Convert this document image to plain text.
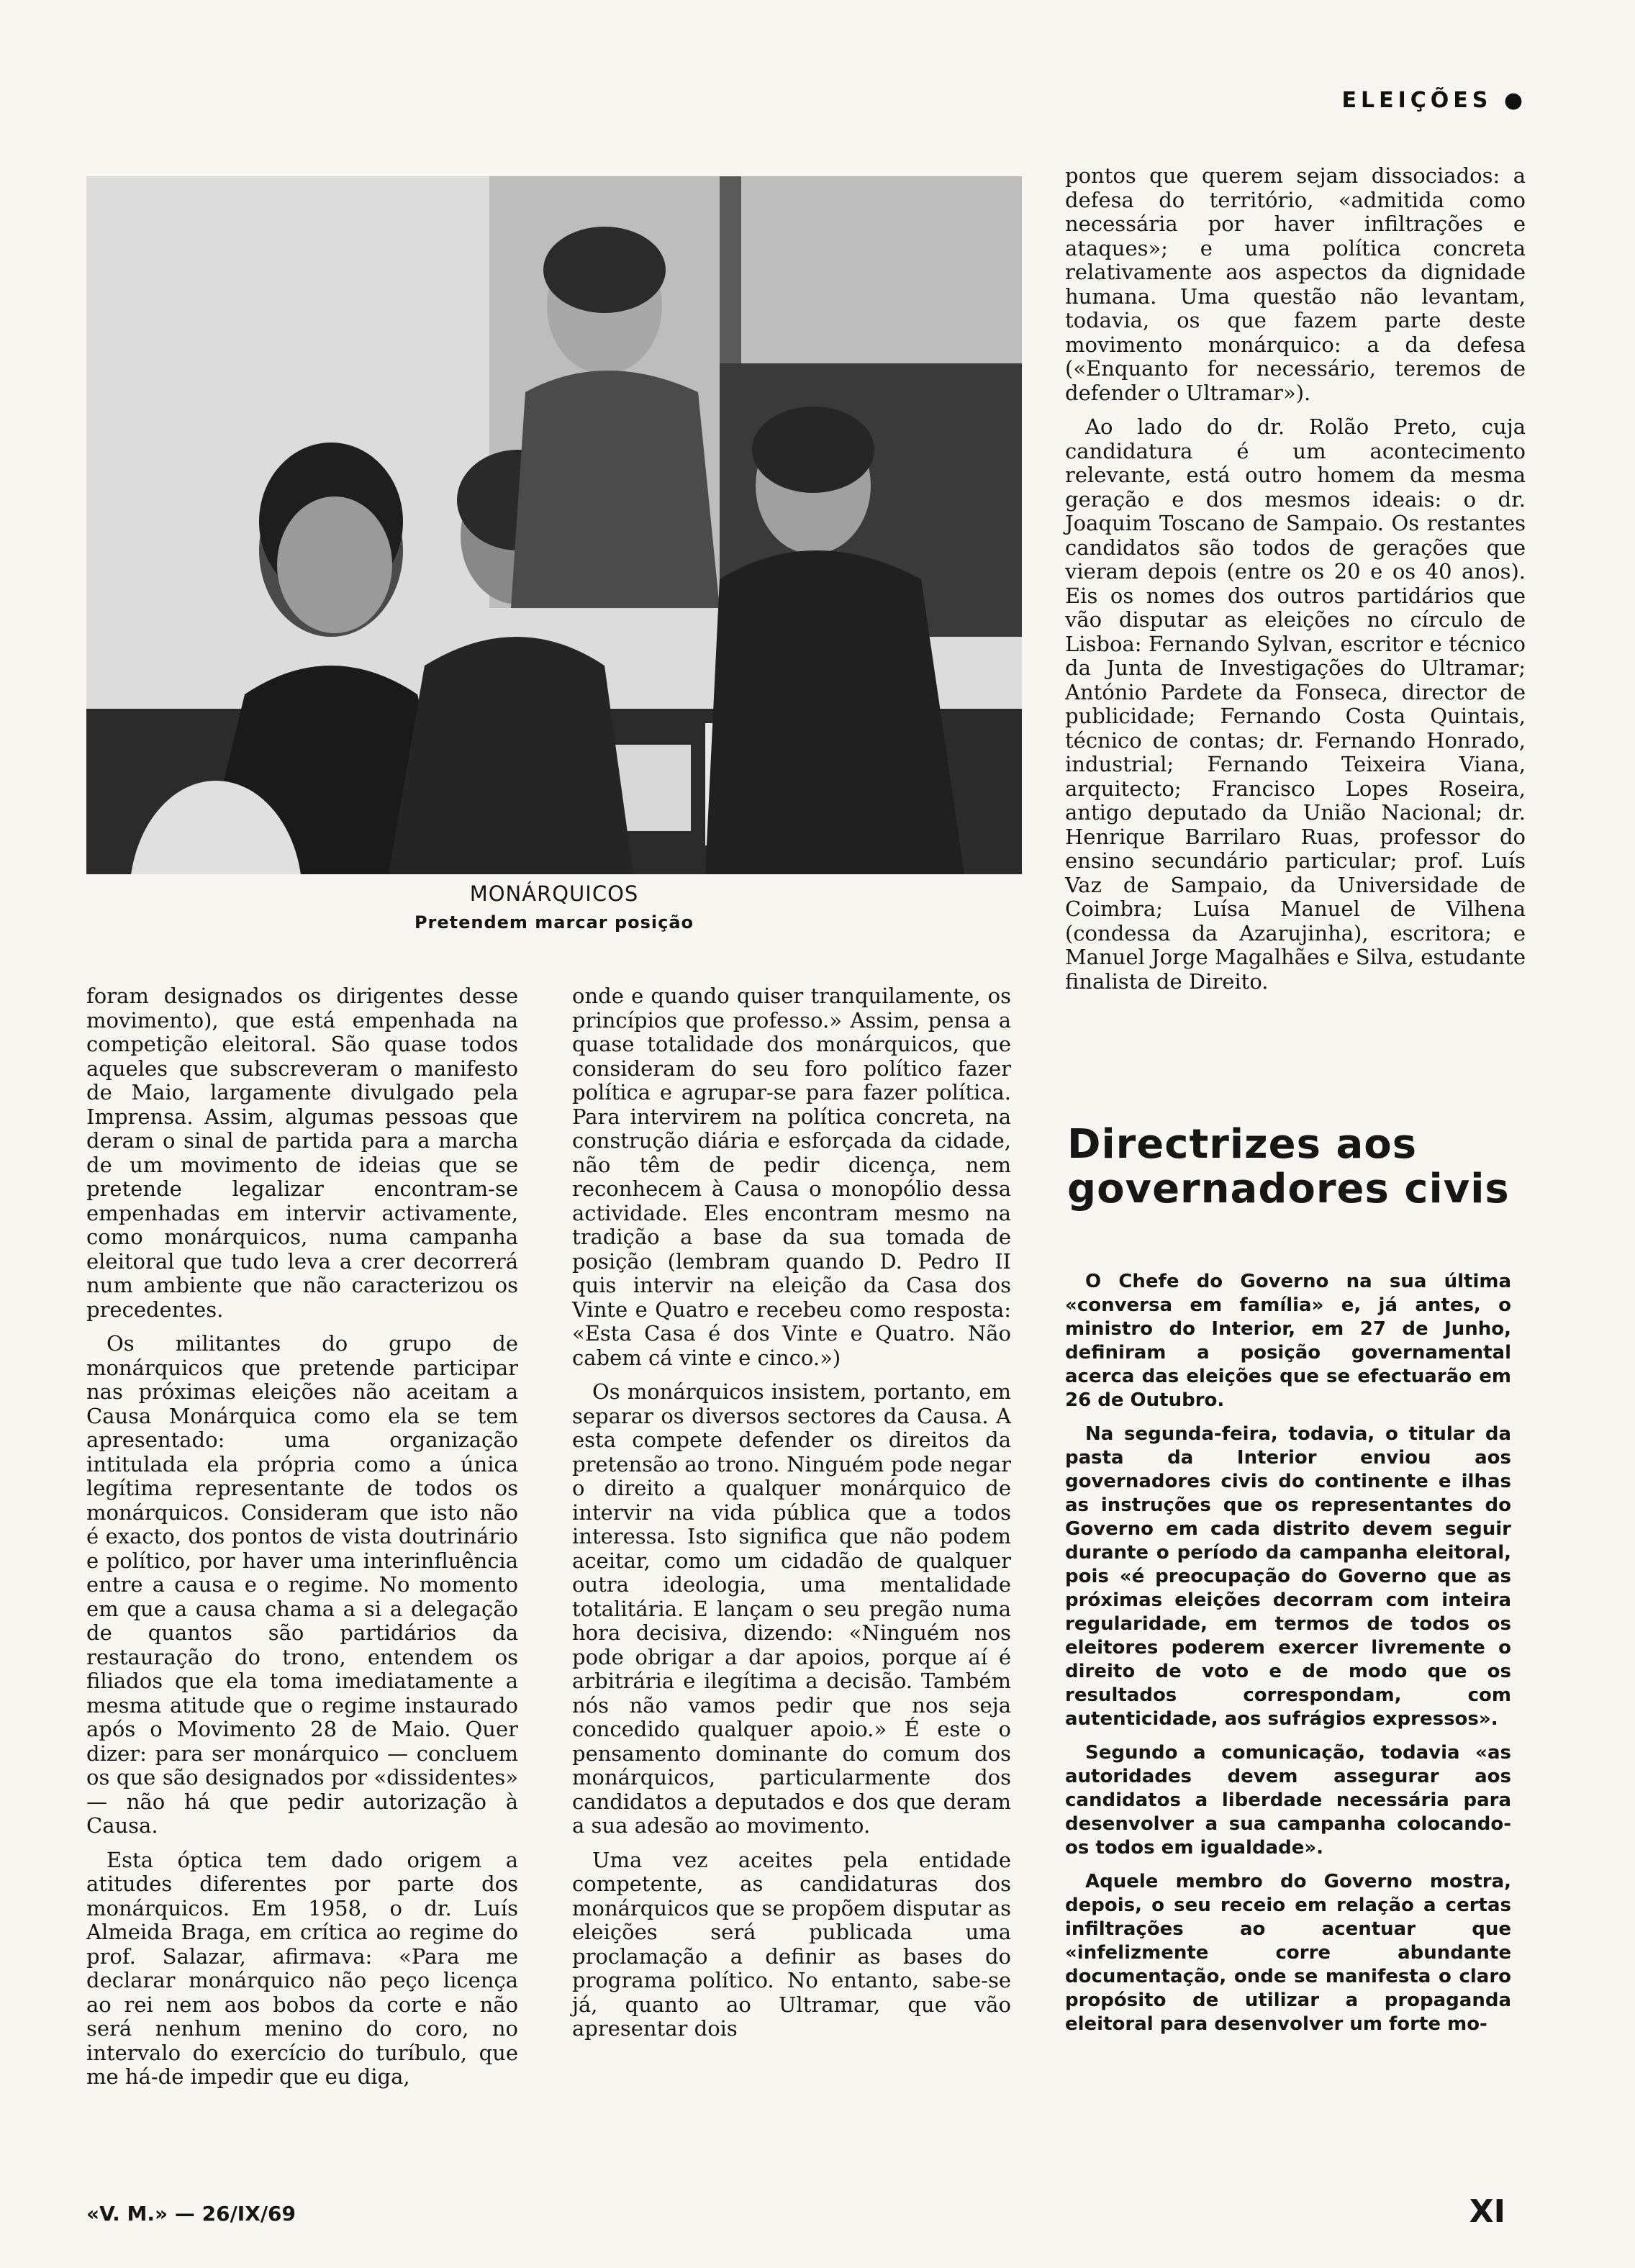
ELEIÇÕES ●
MONÁRQUICOS
Pretendem marcar posição

foram designados os dirigentes desse movimento), que está empenhada na competição eleitoral. São quase todos aqueles que subscreveram o manifesto de Maio, largamente divulgado pela Imprensa. Assim, algumas pessoas que deram o sinal de partida para a marcha de um movimento de ideias que se pretende legalizar encontram-se empenhadas em intervir activamente, como monárquicos, numa campanha eleitoral que tudo leva a crer decorrerá num ambiente que não caracterizou os precedentes.

Os militantes do grupo de monárquicos que pretende participar nas próximas eleições não aceitam a Causa Monárquica como ela se tem apresentado: uma organização intitulada ela própria como a única legítima representante de todos os monárquicos. Consideram que isto não é exacto, dos pontos de vista doutrinário e político, por haver uma interinfluência entre a causa e o regime. No momento em que a causa chama a si a delegação de quantos são partidários da restauração do trono, entendem os filiados que ela toma imediatamente a mesma atitude que o regime instaurado após o Movimento 28 de Maio. Quer dizer: para ser monárquico — concluem os que são designados por «dissidentes» — não há que pedir autorização à Causa.

Esta óptica tem dado origem a atitudes diferentes por parte dos monárquicos. Em 1958, o dr. Luís Almeida Braga, em crítica ao regime do prof. Salazar, afirmava: «Para me declarar monárquico não peço licença ao rei nem aos bobos da corte e não será nenhum menino do coro, no intervalo do exercício do turíbulo, que me há-de impedir que eu diga,

onde e quando quiser tranquilamente, os princípios que professo.» Assim, pensa a quase totalidade dos monárquicos, que consideram do seu foro político fazer política e agrupar-se para fazer política. Para intervirem na política concreta, na construção diária e esforçada da cidade, não têm de pedir dicença, nem reconhecem à Causa o monopólio dessa actividade. Eles encontram mesmo na tradição a base da sua tomada de posição (lembram quando D. Pedro II quis intervir na eleição da Casa dos Vinte e Quatro e recebeu como resposta: «Esta Casa é dos Vinte e Quatro. Não cabem cá vinte e cinco.»)

Os monárquicos insistem, portanto, em separar os diversos sectores da Causa. A esta compete defender os direitos da pretensão ao trono. Ninguém pode negar o direito a qualquer monárquico de intervir na vida pública que a todos interessa. Isto significa que não podem aceitar, como um cidadão de qualquer outra ideologia, uma mentalidade totalitária. E lançam o seu pregão numa hora decisiva, dizendo: «Ninguém nos pode obrigar a dar apoios, porque aí é arbitrária e ilegítima a decisão. Também nós não vamos pedir que nos seja concedido qualquer apoio.» É este o pensamento dominante do comum dos monárquicos, particularmente dos candidatos a deputados e dos que deram a sua adesão ao movimento.

Uma vez aceites pela entidade competente, as candidaturas dos monárquicos que se propõem disputar as eleições será publicada uma proclamação a definir as bases do programa político. No entanto, sabe-se já, quanto ao Ultramar, que vão apresentar dois

pontos que querem sejam dissociados: a defesa do território, «admitida como necessária por haver infiltrações e ataques»; e uma política concreta relativamente aos aspectos da dignidade humana. Uma questão não levantam, todavia, os que fazem parte deste movimento monárquico: a da defesa («Enquanto for necessário, teremos de defender o Ultramar»).

Ao lado do dr. Rolão Preto, cuja candidatura é um acontecimento relevante, está outro homem da mesma geração e dos mesmos ideais: o dr. Joaquim Toscano de Sampaio. Os restantes candidatos são todos de gerações que vieram depois (entre os 20 e os 40 anos). Eis os nomes dos outros partidários que vão disputar as eleições no círculo de Lisboa: Fernando Sylvan, escritor e técnico da Junta de Investigações do Ultramar; António Pardete da Fonseca, director de publicidade; Fernando Costa Quintais, técnico de contas; dr. Fernando Honrado, industrial; Fernando Teixeira Viana, arquitecto; Francisco Lopes Roseira, antigo deputado da União Nacional; dr. Henrique Barrilaro Ruas, professor do ensino secundário particular; prof. Luís Vaz de Sampaio, da Universidade de Coimbra; Luísa Manuel de Vilhena (condessa da Azarujinha), escritora; e Manuel Jorge Magalhães e Silva, estudante finalista de Direito.

Directrizes aos governadores civis

O Chefe do Governo na sua última «conversa em família» e, já antes, o ministro do Interior, em 27 de Junho, definiram a posição governamental acerca das eleições que se efectuarão em 26 de Outubro.

Na segunda-feira, todavia, o titular da pasta da Interior enviou aos governadores civis do continente e ilhas as instruções que os representantes do Governo em cada distrito devem seguir durante o período da campanha eleitoral, pois «é preocupação do Governo que as próximas eleições decorram com inteira regularidade, em termos de todos os eleitores poderem exercer livremente o direito de voto e de modo que os resultados correspondam, com autenticidade, aos sufrágios expressos».

Segundo a comunicação, todavia «as autoridades devem assegurar aos candidatos a liberdade necessária para desenvolver a sua campanha colocando-os todos em igualdade».

Aquele membro do Governo mostra, depois, o seu receio em relação a certas infiltrações ao acentuar que «infelizmente corre abundante documentação, onde se manifesta o claro propósito de utilizar a propaganda eleitoral para desenvolver um forte mo-

«V. M.» — 26/IX/69	XI
